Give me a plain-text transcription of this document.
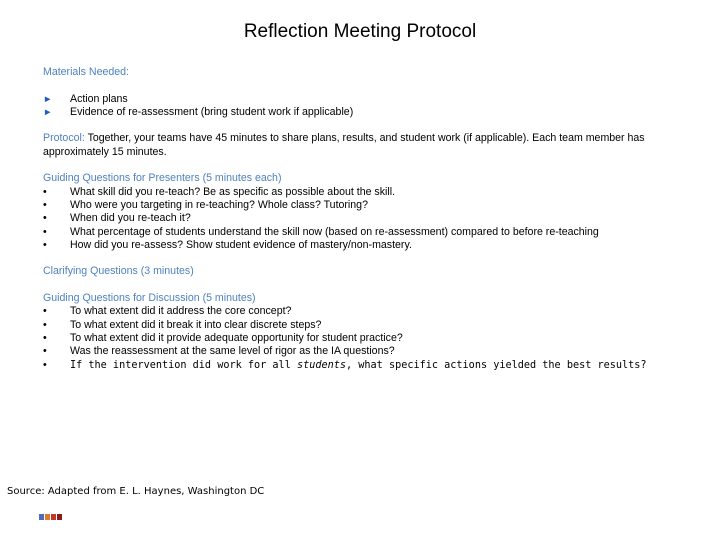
Reflection Meeting Protocol
Materials Needed:
►	Action plans
►	Evidence of re-assessment (bring student work if applicable)
Protocol: Together, your teams have 45 minutes to share plans, results, and student work (if applicable). Each team member has approximately 15 minutes.
Guiding Questions for Presenters (5 minutes each)
•	What skill did you re-teach? Be as specific as possible about the skill.
•	Who were you targeting in re-teaching? Whole class? Tutoring?
•	When did you re-teach it?
•	What percentage of students understand the skill now (based on re-assessment) compared to before re-teaching
•	How did you re-assess? Show student evidence of mastery/non-mastery.
Clarifying Questions (3 minutes)
Guiding Questions for Discussion (5 minutes)
•	To what extent did it address the core concept?
•	To what extent did it break it into clear discrete steps?
•	To what extent did it provide adequate opportunity for student practice?
•	Was the reassessment at the same level of rigor as the IA questions?
•	If the intervention did work for all students, what specific actions yielded the best results?
Source: Adapted from E. L. Haynes, Washington DC
